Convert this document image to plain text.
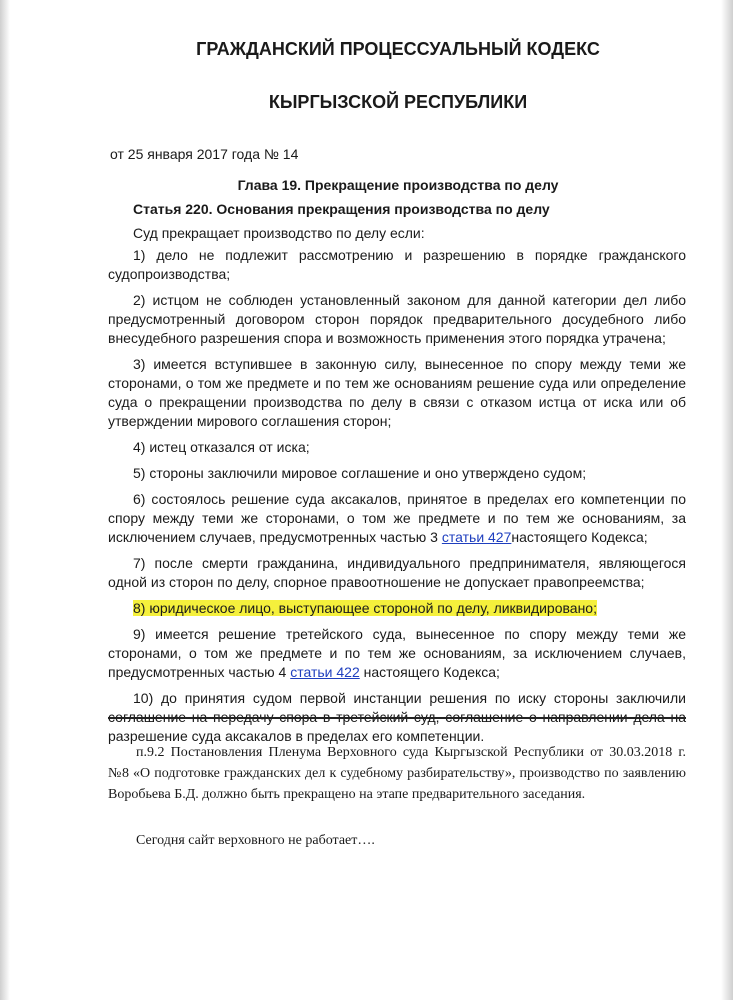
ГРАЖДАНСКИЙ ПРОЦЕССУАЛЬНЫЙ КОДЕКС
КЫРГЫЗСКОЙ РЕСПУБЛИКИ
от 25 января 2017 года № 14
Глава 19. Прекращение производства по делу
Статья 220. Основания прекращения производства по делу
Суд прекращает производство по делу если:

1) дело не подлежит рассмотрению и разрешению в порядке гражданского судопроизводства;

2) истцом не соблюден установленный законом для данной категории дел либо предусмотренный договором сторон порядок предварительного досудебного либо внесудебного разрешения спора и возможность применения этого порядка утрачена;

3) имеется вступившее в законную силу, вынесенное по спору между теми же сторонами, о том же предмете и по тем же основаниям решение суда или определение суда о прекращении производства по делу в связи с отказом истца от иска или об утверждении мирового соглашения сторон;

4) истец отказался от иска;

5) стороны заключили мировое соглашение и оно утверждено судом;

6) состоялось решение суда аксакалов, принятое в пределах его компетенции по спору между теми же сторонами, о том же предмете и по тем же основаниям, за исключением случаев, предусмотренных частью 3 статьи 427настоящего Кодекса;

7) после смерти гражданина, индивидуального предпринимателя, являющегося одной из сторон по делу, спорное правоотношение не допускает правопреемства;

8) юридическое лицо, выступающее стороной по делу, ликвидировано;

9) имеется решение третейского суда, вынесенное по спору между теми же сторонами, о том же предмете и по тем же основаниям, за исключением случаев, предусмотренных частью 4 статьи 422 настоящего Кодекса;

10) до принятия судом первой инстанции решения по иску стороны заключили соглашение на передачу спора в третейский суд, соглашение о направлении дела на разрешение суда аксакалов в пределах его компетенции.

п.9.2 Постановления Пленума Верховного суда Кыргызской Республики от 30.03.2018 г. №8 «О подготовке гражданских дел к судебному разбирательству», производство по заявлению Воробьева Б.Д. должно быть прекращено на этапе предварительного заседания.
Сегодня сайт верховного не работает….
